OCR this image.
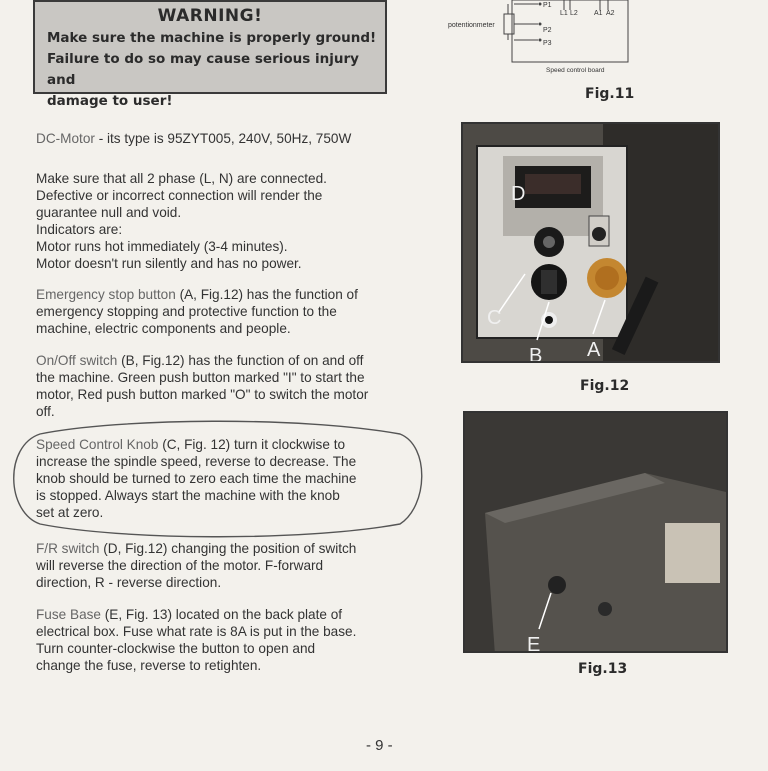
WARNING!
Make sure the machine is properly ground!
Failure to do so may cause serious injury and
damage to user!
P1
L1 L2 A1 A2
P2
P3
potentionmeter
Speed control board
Fig.11
D
C
B A
Fig.12
E
Fig.13
DC-Motor - its type is 95ZYT005, 240V, 50Hz, 750W
Make sure that all 2 phase (L, N) are connected.
Defective or incorrect connection will render the
guarantee null and void.
Indicators are:
Motor runs hot immediately (3-4 minutes).
Motor doesn't run silently and has no power.
Emergency stop button (A, Fig.12) has the function of
emergency stopping and protective function to the
machine, electric components and people.
On/Off switch (B, Fig.12) has the function of on and off
the machine. Green push button marked "I" to start the
motor, Red push button marked "O" to switch the motor
off.
Speed Control Knob (C, Fig. 12) turn it clockwise to
increase the spindle speed, reverse to decrease. The
knob should be turned to zero each time the machine
is stopped. Always start the machine with the knob
set at zero.
F/R switch (D, Fig.12) changing the position of switch
will reverse the direction of the motor. F-forward
direction, R - reverse direction.
Fuse Base (E, Fig. 13) located on the back plate of
electrical box. Fuse what rate is 8A is put in the base.
Turn counter-clockwise the button to open and
change the fuse, reverse to retighten.
- 9 -
